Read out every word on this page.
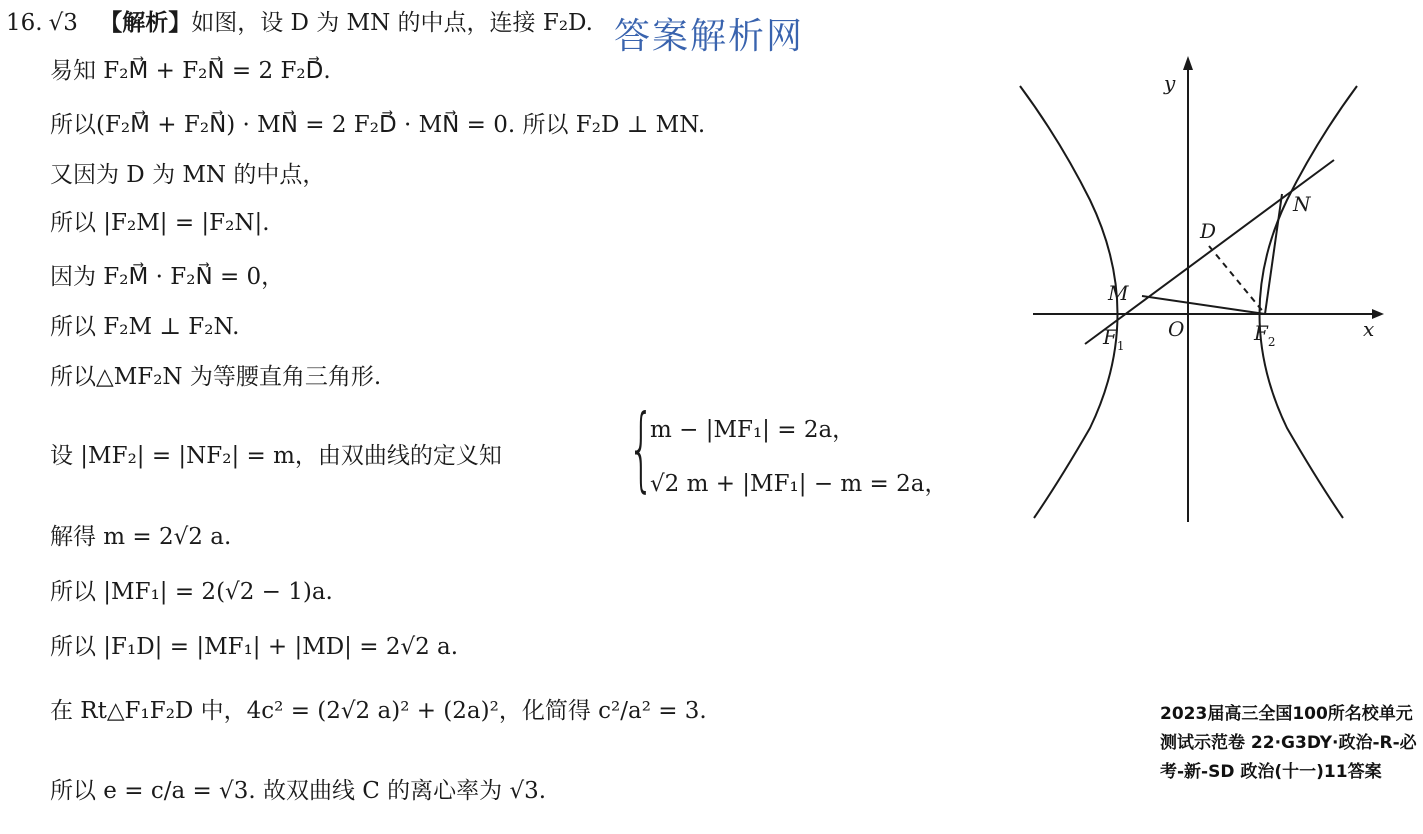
答案解析网
16. √3 【解析】如图，设 D 为 MN 的中点，连接 F₂D.
易知 F₂M⃗ + F₂N⃗ = 2 F₂D⃗.
所以(F₂M⃗ + F₂N⃗) · MN⃗ = 2 F₂D⃗ · MN⃗ = 0. 所以 F₂D ⊥ MN.
又因为 D 为 MN 的中点，
所以 |F₂M| = |F₂N|.
因为 F₂M⃗ · F₂N⃗ = 0，
所以 F₂M ⊥ F₂N.
所以△MF₂N 为等腰直角三角形.
设 |MF₂| = |NF₂| = m，由双曲线的定义知 {
m − |MF₁| = 2a，
√2 m + |MF₁| − m = 2a，
解得 m = 2√2 a.
所以 |MF₁| = 2(√2 − 1)a.
所以 |F₁D| = |MF₁| + |MD| = 2√2 a.
在 Rt△F₁F₂D 中，4c² = (2√2 a)² + (2a)²，化简得 c²/a² = 3.
所以 e = c/a = √3. 故双曲线 C 的离心率为 √3.
y
x
O
$F_1$
$F_2$
M
N
D
2023届高三全国100所名校单元测试示范卷 22·G3DY·政治-R-必考-新-SD 政治(十一)11答案
